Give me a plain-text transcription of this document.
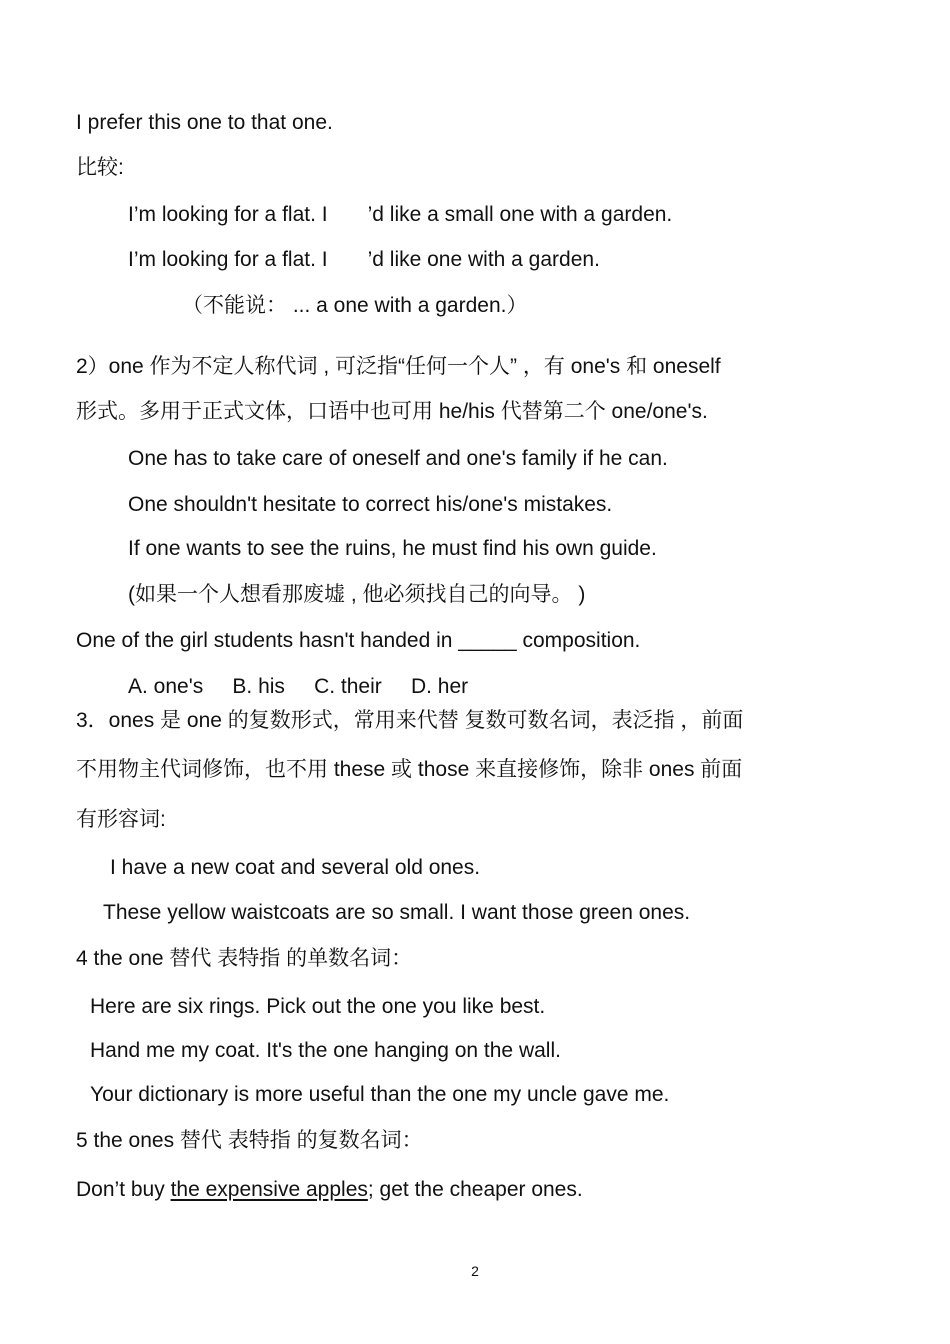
I prefer this one to that one.

比较:

I’m looking for a flat. I ’d like a small one with a garden.

I’m looking for a flat. I ’d like one with a garden.

（不能说： ... a one with a garden.）

2）one 作为不定人称代词 , 可泛指“任何一个人” ，有 one's 和 oneself

形式。多用于正式文体，口语中也可用 he/his 代替第二个 one/one's.

One has to take care of oneself and one's family if he can.

One shouldn't hesitate to correct his/one's mistakes.

If one wants to see the ruins, he must find his own guide.

(如果一个人想看那废墟 , 他必须找自己的向导。 )

One of the girl students hasn't handed in _____ composition.

A. one's     B. his     C. their     D. her

3．ones 是 one 的复数形式，常用来代替 复数可数名词，表泛指 ，前面

不用物主代词修饰，也不用 these 或 those 来直接修饰，除非 ones 前面

有形容词:

I have a new coat and several old ones.

These yellow waistcoats are so small. I want those green ones.

4 the one 替代 表特指 的单数名词：

Here are six rings. Pick out the one you like best.

Hand me my coat. It's the one hanging on the wall.

Your dictionary is more useful than the one my uncle gave me.

5 the ones 替代 表特指 的复数名词：

Don’t buy the expensive apples; get the cheaper ones.

2
